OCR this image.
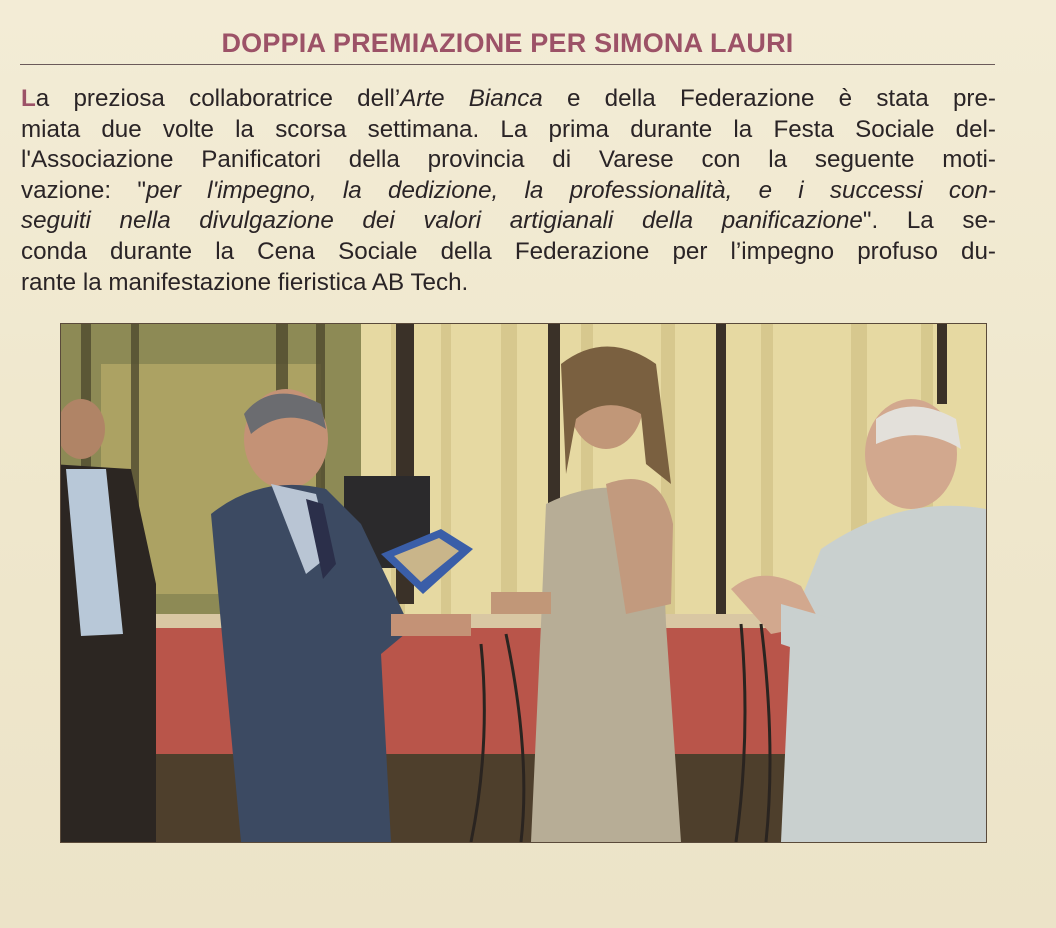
DOPPIA PREMIAZIONE PER SIMONA LAURI
La preziosa collaboratrice dell’Arte Bianca e della Federazione è stata pre-
miata due volte la scorsa settimana. La prima durante la Festa Sociale del-
l'Associazione Panificatori della provincia di Varese con la seguente moti-
vazione: "per l'impegno, la dedizione, la professionalità, e i successi con-
seguiti nella divulgazione dei valori artigianali della panificazione". La se-
conda durante la Cena Sociale della Federazione per l’impegno profuso du-
rante la manifestazione fieristica AB Tech.
